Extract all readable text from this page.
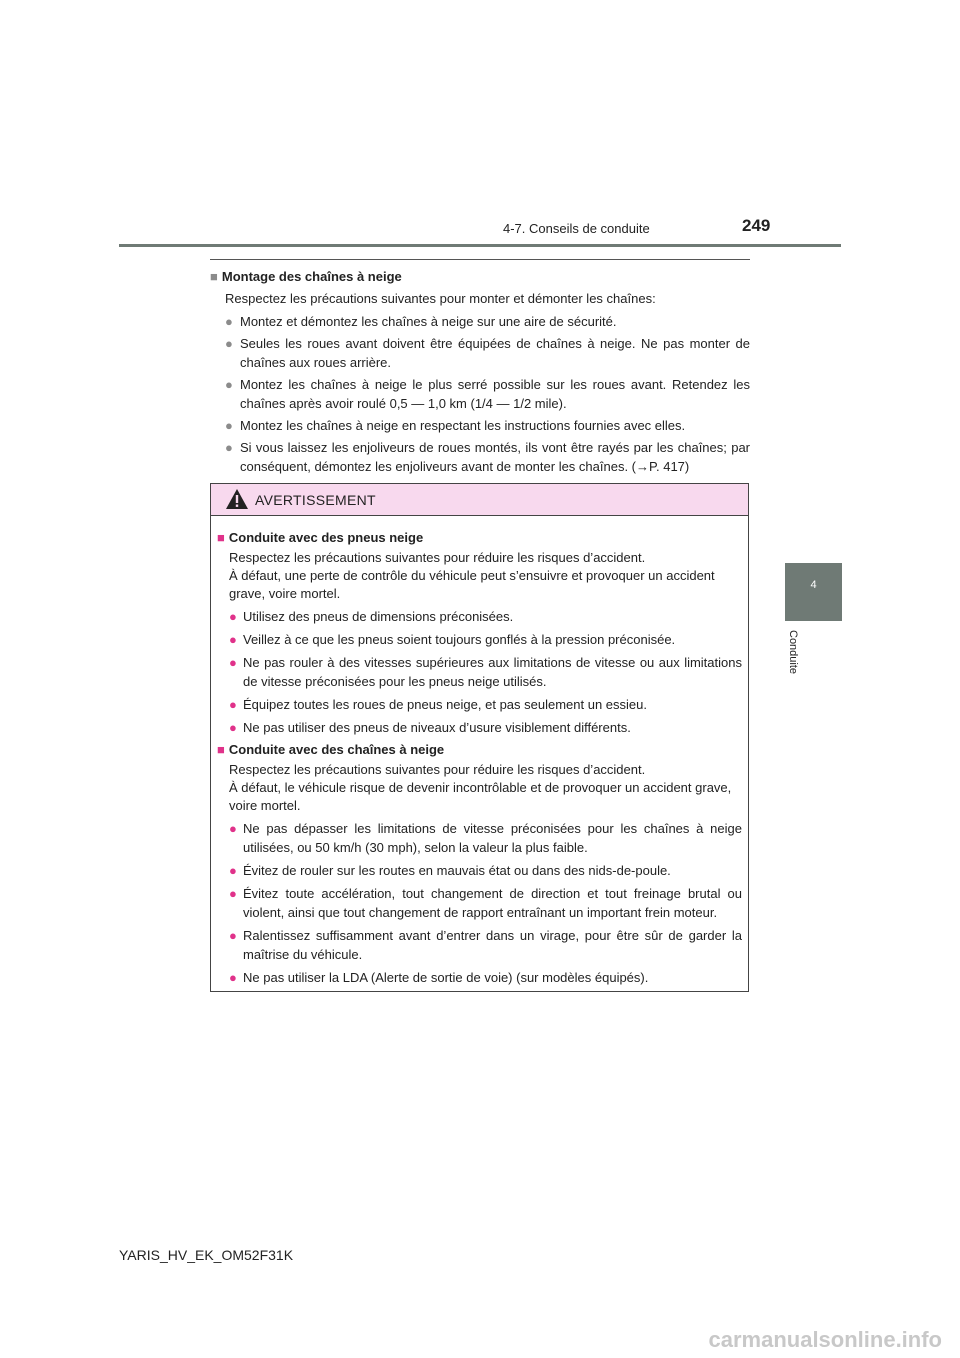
4-7. Conseils de conduite	249
4
Conduite
■ Montage des chaînes à neige
Respectez les précautions suivantes pour monter et démonter les chaînes:
● Montez et démontez les chaînes à neige sur une aire de sécurité.
● Seules les roues avant doivent être équipées de chaînes à neige. Ne pas monter de chaînes aux roues arrière.
● Montez les chaînes à neige le plus serré possible sur les roues avant. Retendez les chaînes après avoir roulé 0,5 — 1,0 km (1/4 — 1/2 mile).
● Montez les chaînes à neige en respectant les instructions fournies avec elles.
● Si vous laissez les enjoliveurs de roues montés, ils vont être rayés par les chaînes; par conséquent, démontez les enjoliveurs avant de monter les chaînes. (→P. 417)
AVERTISSEMENT
■ Conduite avec des pneus neige
Respectez les précautions suivantes pour réduire les risques d’accident.
À défaut, une perte de contrôle du véhicule peut s’ensuivre et provoquer un accident grave, voire mortel.
● Utilisez des pneus de dimensions préconisées.
● Veillez à ce que les pneus soient toujours gonflés à la pression préconisée.
● Ne pas rouler à des vitesses supérieures aux limitations de vitesse ou aux limitations de vitesse préconisées pour les pneus neige utilisés.
● Équipez toutes les roues de pneus neige, et pas seulement un essieu.
● Ne pas utiliser des pneus de niveaux d’usure visiblement différents.
■ Conduite avec des chaînes à neige
Respectez les précautions suivantes pour réduire les risques d’accident.
À défaut, le véhicule risque de devenir incontrôlable et de provoquer un accident grave, voire mortel.
● Ne pas dépasser les limitations de vitesse préconisées pour les chaînes à neige utilisées, ou 50 km/h (30 mph), selon la valeur la plus faible.
● Évitez de rouler sur les routes en mauvais état ou dans des nids-de-poule.
● Évitez toute accélération, tout changement de direction et tout freinage brutal ou violent, ainsi que tout changement de rapport entraînant un important frein moteur.
● Ralentissez suffisamment avant d’entrer dans un virage, pour être sûr de garder la maîtrise du véhicule.
● Ne pas utiliser la LDA (Alerte de sortie de voie) (sur modèles équipés).
YARIS_HV_EK_OM52F31K
carmanualsonline.info
